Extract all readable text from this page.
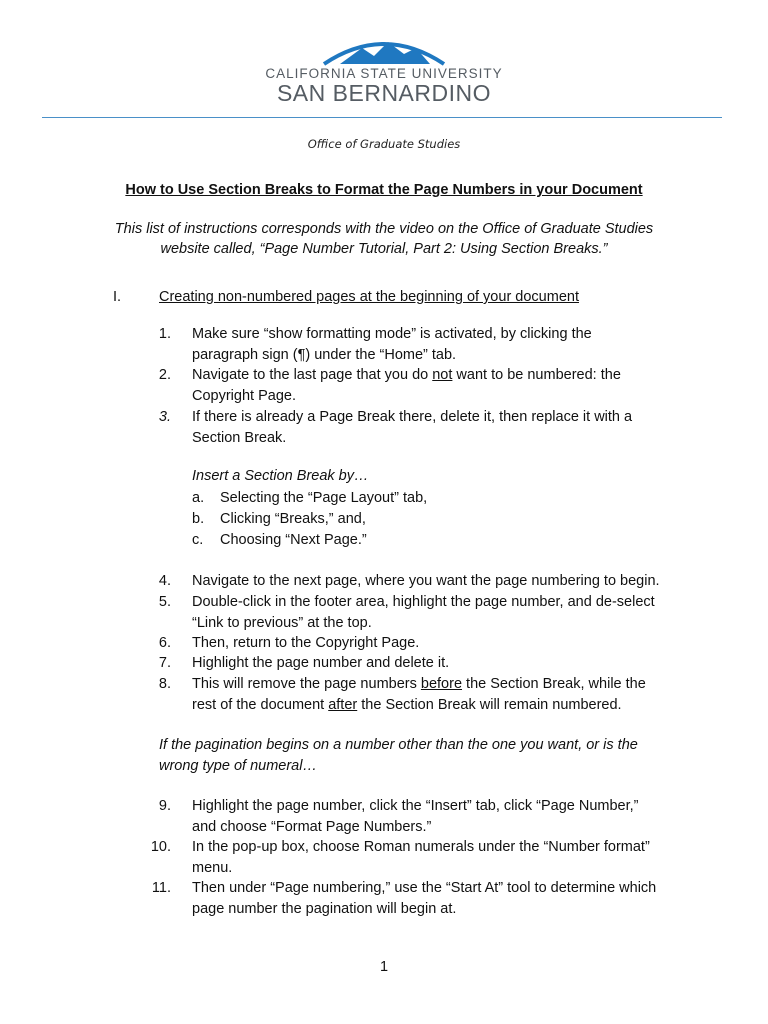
CALIFORNIA STATE UNIVERSITY
SAN BERNARDINO
Office of Graduate Studies
How to Use Section Breaks to Format the Page Numbers in your Document
This list of instructions corresponds with the video on the Office of Graduate Studies website called, “Page Number Tutorial, Part 2: Using Section Breaks.”
I.	Creating non-numbered pages at the beginning of your document
1. Make sure “show formatting mode” is activated, by clicking the
paragraph sign (¶) under the “Home” tab.
2. Navigate to the last page that you do not want to be numbered: the
Copyright Page.
3. If there is already a Page Break there, delete it, then replace it with a
Section Break.
Insert a Section Break by…
a. Selecting the “Page Layout” tab,
b. Clicking “Breaks,” and,
c. Choosing “Next Page.”
4. Navigate to the next page, where you want the page numbering to begin.
5. Double-click in the footer area, highlight the page number, and de-select
“Link to previous” at the top.
6. Then, return to the Copyright Page.
7. Highlight the page number and delete it.
8. This will remove the page numbers before the Section Break, while the
rest of the document after the Section Break will remain numbered.
If the pagination begins on a number other than the one you want, or is the wrong type of numeral…
9. Highlight the page number, click the “Insert” tab, click “Page Number,”
and choose “Format Page Numbers.”
10. In the pop-up box, choose Roman numerals under the “Number format”
menu.
11. Then under “Page numbering,” use the “Start At” tool to determine which
page number the pagination will begin at.
1
